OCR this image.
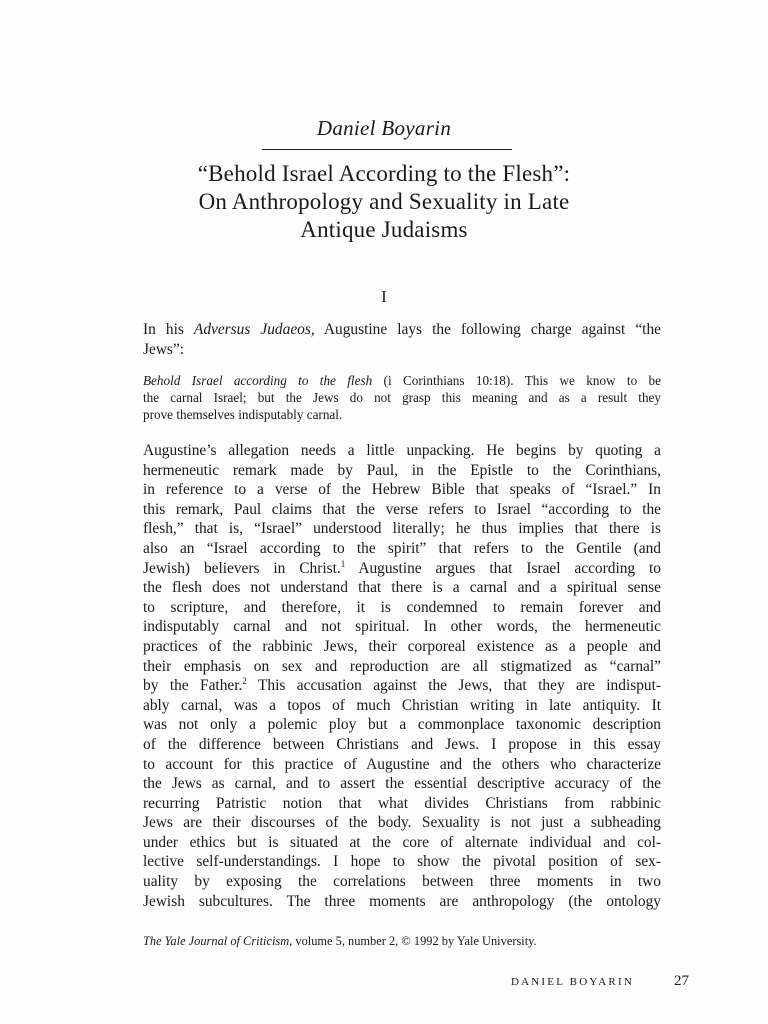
Daniel Boyarin
“Behold Israel According to the Flesh”:
On Anthropology and Sexuality in Late
Antique Judaisms
I
In his Adversus Judaeos, Augustine lays the following charge against “the
Jews”:
Behold Israel according to the flesh (i Corinthians 10:18). This we know to be
the carnal Israel; but the Jews do not grasp this meaning and as a result they
prove themselves indisputably carnal.
Augustine’s allegation needs a little unpacking. He begins by quoting a
hermeneutic remark made by Paul, in the Epistle to the Corinthians,
in reference to a verse of the Hebrew Bible that speaks of “Israel.” In
this remark, Paul claims that the verse refers to Israel “according to the
flesh,” that is, “Israel” understood literally; he thus implies that there is
also an “Israel according to the spirit” that refers to the Gentile (and
Jewish) believers in Christ.$^1$ Augustine argues that Israel according to
the flesh does not understand that there is a carnal and a spiritual sense
to scripture, and therefore, it is condemned to remain forever and
indisputably carnal and not spiritual. In other words, the hermeneutic
practices of the rabbinic Jews, their corporeal existence as a people and
their emphasis on sex and reproduction are all stigmatized as “carnal”
by the Father.$^2$ This accusation against the Jews, that they are indisput-
ably carnal, was a topos of much Christian writing in late antiquity. It
was not only a polemic ploy but a commonplace taxonomic description
of the difference between Christians and Jews. I propose in this essay
to account for this practice of Augustine and the others who characterize
the Jews as carnal, and to assert the essential descriptive accuracy of the
recurring Patristic notion that what divides Christians from rabbinic
Jews are their discourses of the body. Sexuality is not just a subheading
under ethics but is situated at the core of alternate individual and col-
lective self-understandings. I hope to show the pivotal position of sex-
uality by exposing the correlations between three moments in two
Jewish subcultures. The three moments are anthropology (the ontology
The Yale Journal of Criticism, volume 5, number 2, © 1992 by Yale University.
DANIEL BOYARIN	27
